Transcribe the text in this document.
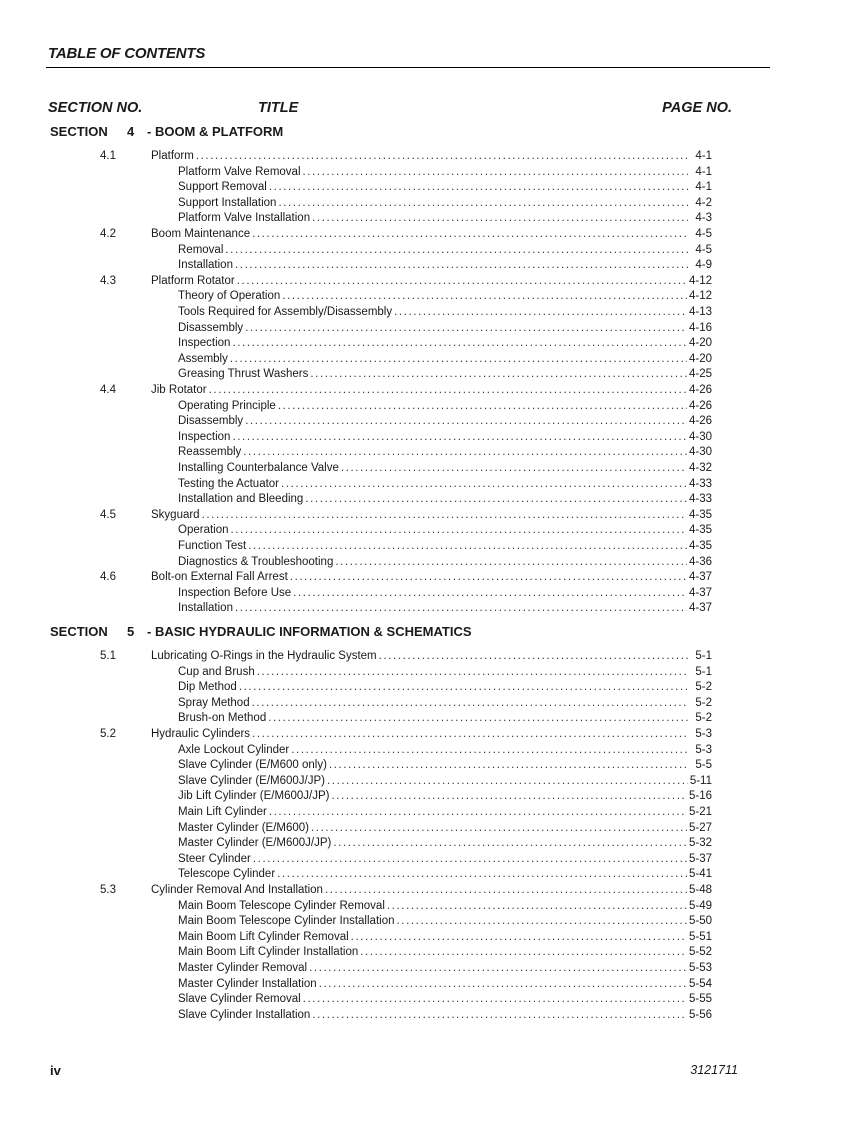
TABLE OF CONTENTS
SECTION NO.	TITLE	PAGE NO.
SECTION 4 - BOOM & PLATFORM
4.1	Platform .....	4-1
Platform Valve Removal .....	4-1
Support Removal .....	4-1
Support Installation .....	4-2
Platform Valve Installation .....	4-3
4.2	Boom Maintenance .....	4-5
Removal .....	4-5
Installation .....	4-9
4.3	Platform Rotator .....	4-12
Theory of Operation .....	4-12
Tools Required for Assembly/Disassembly .....	4-13
Disassembly .....	4-16
Inspection .....	4-20
Assembly .....	4-20
Greasing Thrust Washers .....	4-25
4.4	Jib Rotator .....	4-26
Operating Principle .....	4-26
Disassembly .....	4-26
Inspection .....	4-30
Reassembly .....	4-30
Installing Counterbalance Valve .....	4-32
Testing the Actuator .....	4-33
Installation and Bleeding .....	4-33
4.5	Skyguard .....	4-35
Operation .....	4-35
Function Test .....	4-35
Diagnostics & Troubleshooting .....	4-36
4.6	Bolt-on External Fall Arrest .....	4-37
Inspection Before Use .....	4-37
Installation .....	4-37
SECTION 5 - BASIC HYDRAULIC INFORMATION & SCHEMATICS
5.1	Lubricating O-Rings in the Hydraulic System .....	5-1
Cup and Brush .....	5-1
Dip Method .....	5-2
Spray Method .....	5-2
Brush-on Method .....	5-2
5.2	Hydraulic Cylinders .....	5-3
Axle Lockout Cylinder .....	5-3
Slave Cylinder (E/M600 only) .....	5-5
Slave Cylinder (E/M600J/JP) .....	5-11
Jib Lift Cylinder (E/M600J/JP) .....	5-16
Main Lift Cylinder .....	5-21
Master Cylinder (E/M600) .....	5-27
Master Cylinder (E/M600J/JP) .....	5-32
Steer Cylinder .....	5-37
Telescope Cylinder .....	5-41
5.3	Cylinder Removal And Installation .....	5-48
Main Boom Telescope Cylinder Removal .....	5-49
Main Boom Telescope Cylinder Installation .....	5-50
Main Boom Lift Cylinder Removal .....	5-51
Main Boom Lift Cylinder Installation .....	5-52
Master Cylinder Removal .....	5-53
Master Cylinder Installation .....	5-54
Slave Cylinder Removal .....	5-55
Slave Cylinder Installation .....	5-56
iv	3121711
